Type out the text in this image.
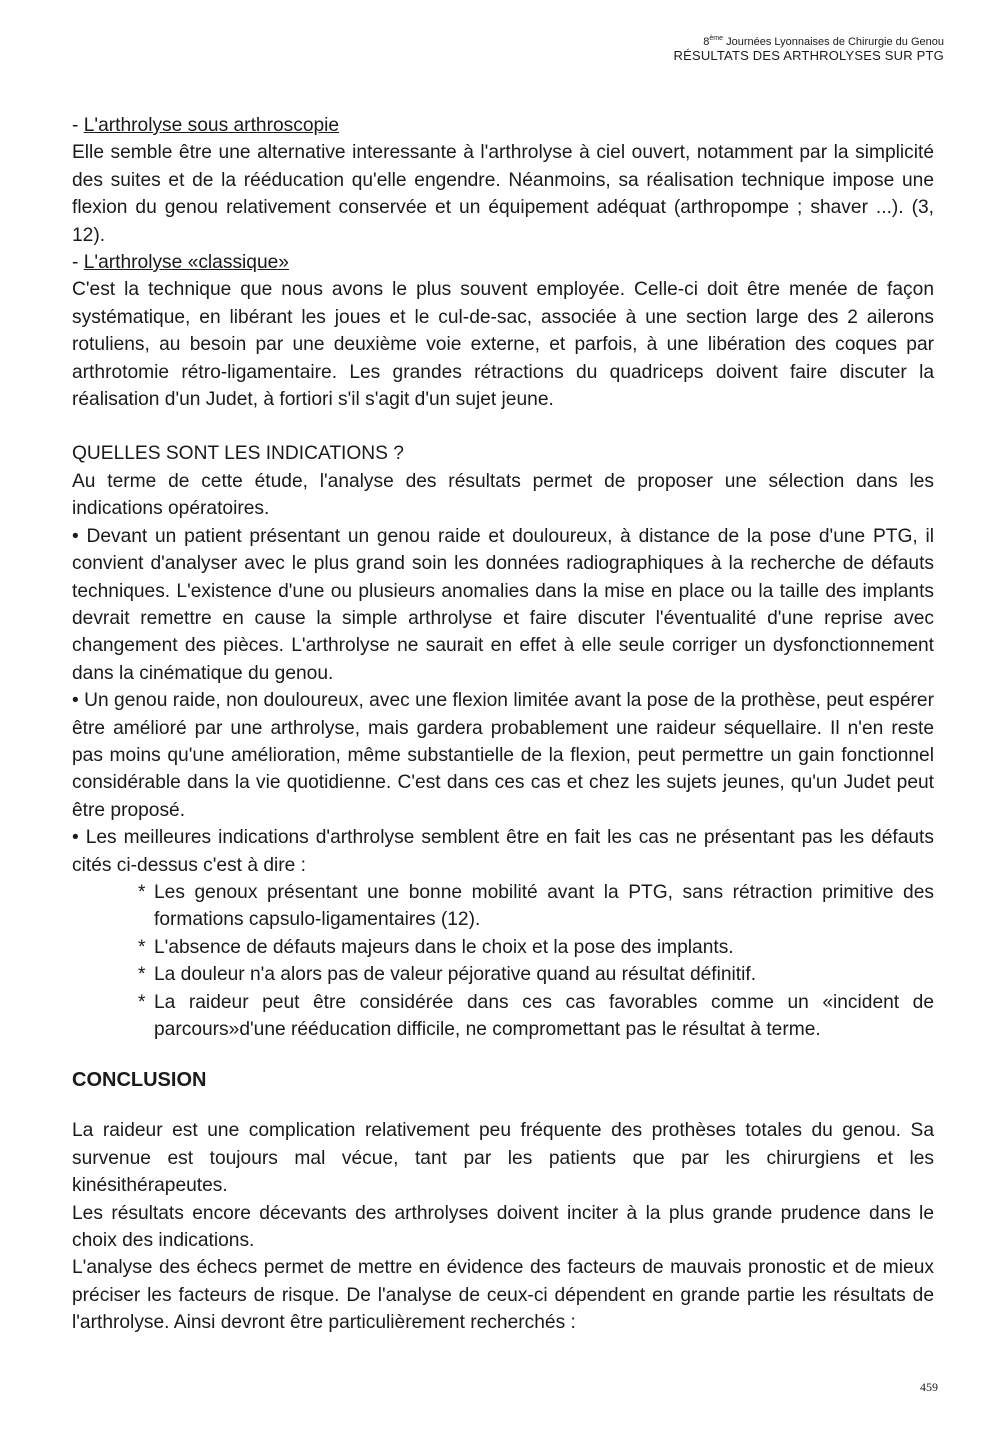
8ème Journées Lyonnaises de Chirurgie du Genou
RÉSULTATS DES ARTHROLYSES SUR PTG

- L'arthrolyse sous arthroscopie

Elle semble être une alternative interessante à l'arthrolyse à ciel ouvert, notamment par la simplicité des suites et de la rééducation qu'elle engendre. Néanmoins, sa réalisation technique impose une flexion du genou relativement conservée et un équipement adéquat (arthropompe ; shaver ...). (3, 12).

- L'arthrolyse «classique»

C'est la technique que nous avons le plus souvent employée. Celle-ci doit être menée de façon systématique, en libérant les joues et le cul-de-sac, associée à une section large des 2 ailerons rotuliens, au besoin par une deuxième voie externe, et parfois, à une libération des coques par arthrotomie rétro-ligamentaire. Les grandes rétractions du quadriceps doivent faire discuter la réalisation d'un Judet, à fortiori s'il s'agit d'un sujet jeune.

QUELLES SONT LES INDICATIONS ?

Au terme de cette étude, l'analyse des résultats permet de proposer une sélection dans les indications opératoires.

• Devant un patient présentant un genou raide et douloureux, à distance de la pose d'une PTG, il convient d'analyser avec le plus grand soin les données radiographiques à la recherche de défauts techniques. L'existence d'une ou plusieurs anomalies dans la mise en place ou la taille des implants devrait remettre en cause la simple arthrolyse et faire discuter l'éventualité d'une reprise avec changement des pièces. L'arthrolyse ne saurait en effet à elle seule corriger un dysfonctionnement dans la cinématique du genou.
• Un genou raide, non douloureux, avec une flexion limitée avant la pose de la prothèse, peut espérer être amélioré par une arthrolyse, mais gardera probablement une raideur séquellaire. Il n'en reste pas moins qu'une amélioration, même substantielle de la flexion, peut permettre un gain fonctionnel considérable dans la vie quotidienne. C'est dans ces cas et chez les sujets jeunes, qu'un Judet peut être proposé.
• Les meilleures indications d'arthrolyse semblent être en fait les cas ne présentant pas les défauts cités ci-dessus c'est à dire :
* Les genoux présentant une bonne mobilité avant la PTG, sans rétraction primitive des formations capsulo-ligamentaires (12).
* L'absence de défauts majeurs dans le choix et la pose des implants.
* La douleur n'a alors pas de valeur péjorative quand au résultat définitif.
* La raideur peut être considérée dans ces cas favorables comme un «incident de parcours»d'une rééducation difficile, ne compromettant pas le résultat à terme.

CONCLUSION

La raideur est une complication relativement peu fréquente des prothèses totales du genou. Sa survenue est toujours mal vécue, tant par les patients que par les chirurgiens et les kinésithérapeutes.

Les résultats encore décevants des arthrolyses doivent inciter à la plus grande prudence dans le choix des indications.

L'analyse des échecs permet de mettre en évidence des facteurs de mauvais pronostic et de mieux préciser les facteurs de risque. De l'analyse de ceux-ci dépendent en grande partie les résultats de l'arthrolyse. Ainsi devront être particulièrement recherchés :

459
